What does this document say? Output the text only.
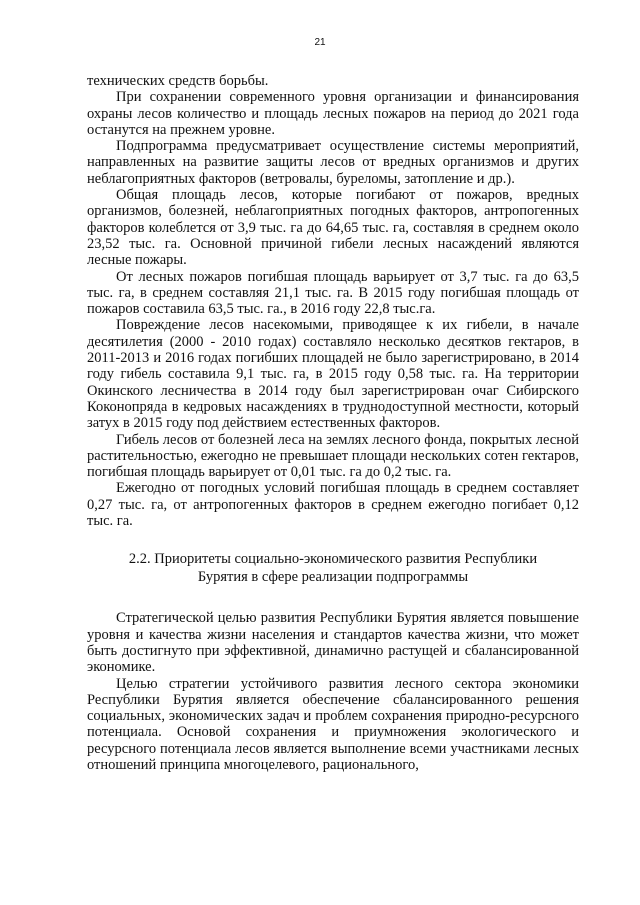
21

технических средств борьбы.

При сохранении современного уровня организации и финансирования охраны лесов количество и площадь лесных пожаров на период до 2021 года останутся на прежнем уровне.

Подпрограмма предусматривает осуществление системы мероприятий, направленных на развитие защиты лесов от вредных организмов и других неблагоприятных факторов (ветровалы, буреломы, затопление и др.).

Общая площадь лесов, которые погибают от пожаров, вредных организмов, болезней, неблагоприятных погодных факторов, антропогенных факторов колеблется от 3,9 тыс. га до 64,65 тыс. га, составляя в среднем около 23,52 тыс. га. Основной причиной гибели лесных насаждений являются лесные пожары.

От лесных пожаров погибшая площадь варьирует от 3,7 тыс. га до 63,5 тыс. га, в среднем составляя 21,1 тыс. га. В 2015 году погибшая площадь от пожаров составила 63,5 тыс. га., в 2016 году 22,8 тыс.га.

Повреждение лесов насекомыми, приводящее к их гибели, в начале десятилетия (2000 - 2010 годах) составляло несколько десятков гектаров, в 2011-2013 и 2016 годах погибших площадей не было зарегистрировано, в 2014 году гибель составила 9,1 тыс. га, в 2015 году 0,58 тыс. га. На территории Окинского лесничества в 2014 году был зарегистрирован очаг Сибирского Коконопряда в кедровых насаждениях в труднодоступной местности, который затух в 2015 году под действием естественных факторов.

Гибель лесов от болезней леса на землях лесного фонда, покрытых лесной растительностью, ежегодно не превышает площади нескольких сотен гектаров, погибшая площадь варьирует от 0,01 тыс. га до 0,2 тыс. га.

Ежегодно от погодных условий погибшая площадь в среднем составляет 0,27 тыс. га, от антропогенных факторов в среднем ежегодно погибает 0,12 тыс. га.

2.2. Приоритеты социально-экономического развития Республики
Бурятия в сфере реализации подпрограммы

Стратегической целью развития Республики Бурятия является повышение уровня и качества жизни населения и стандартов качества жизни, что может быть достигнуто при эффективной, динамично растущей и сбалансированной экономике.

Целью стратегии устойчивого развития лесного сектора экономики Республики Бурятия является обеспечение сбалансированного решения социальных, экономических задач и проблем сохранения природно-ресурсного потенциала. Основой сохранения и приумножения экологического и ресурсного потенциала лесов является выполнение всеми участниками лесных отношений принципа многоцелевого, рационального,
